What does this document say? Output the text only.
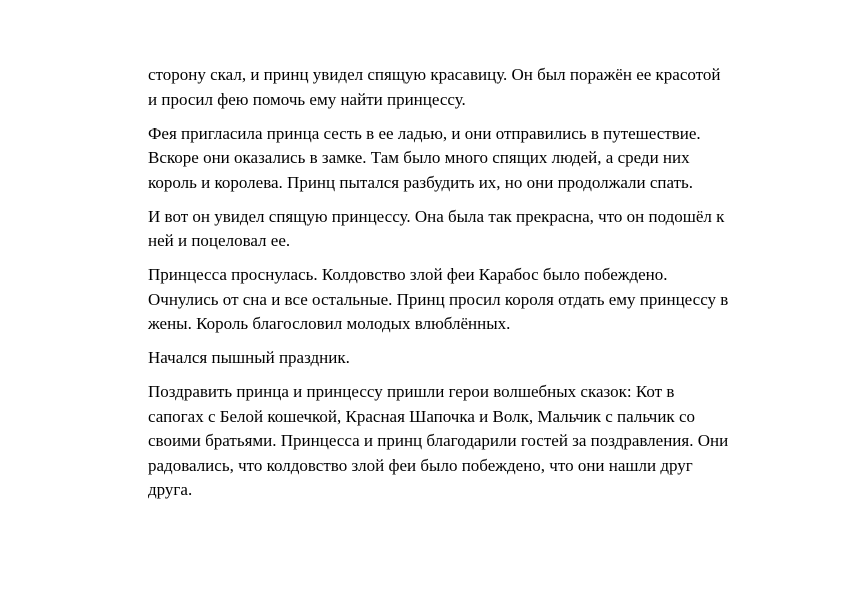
сторону скал, и принц увидел спящую красавицу. Он был поражён ее красотой
и просил фею помочь ему найти принцессу.

Фея пригласила принца сесть в ее ладью, и они отправились в путешествие.
Вскоре они оказались в замке. Там было много спящих людей, а среди них
король и королева. Принц пытался разбудить их, но они продолжали спать.

И вот он увидел спящую принцессу. Она была так прекрасна, что он подошёл к
ней и поцеловал ее.

Принцесса проснулась. Колдовство злой феи Карабос было побеждено.
Очнулись от сна и все остальные. Принц просил короля отдать ему принцессу в
жены. Король благословил молодых влюблённых.

Начался пышный праздник.

Поздравить принца и принцессу пришли герои волшебных сказок: Кот в
сапогах с Белой кошечкой, Красная Шапочка и Волк, Мальчик с пальчик со
своими братьями. Принцесса и принц благодарили гостей за поздравления. Они
радовались, что колдовство злой феи было побеждено, что они нашли друг
друга.
